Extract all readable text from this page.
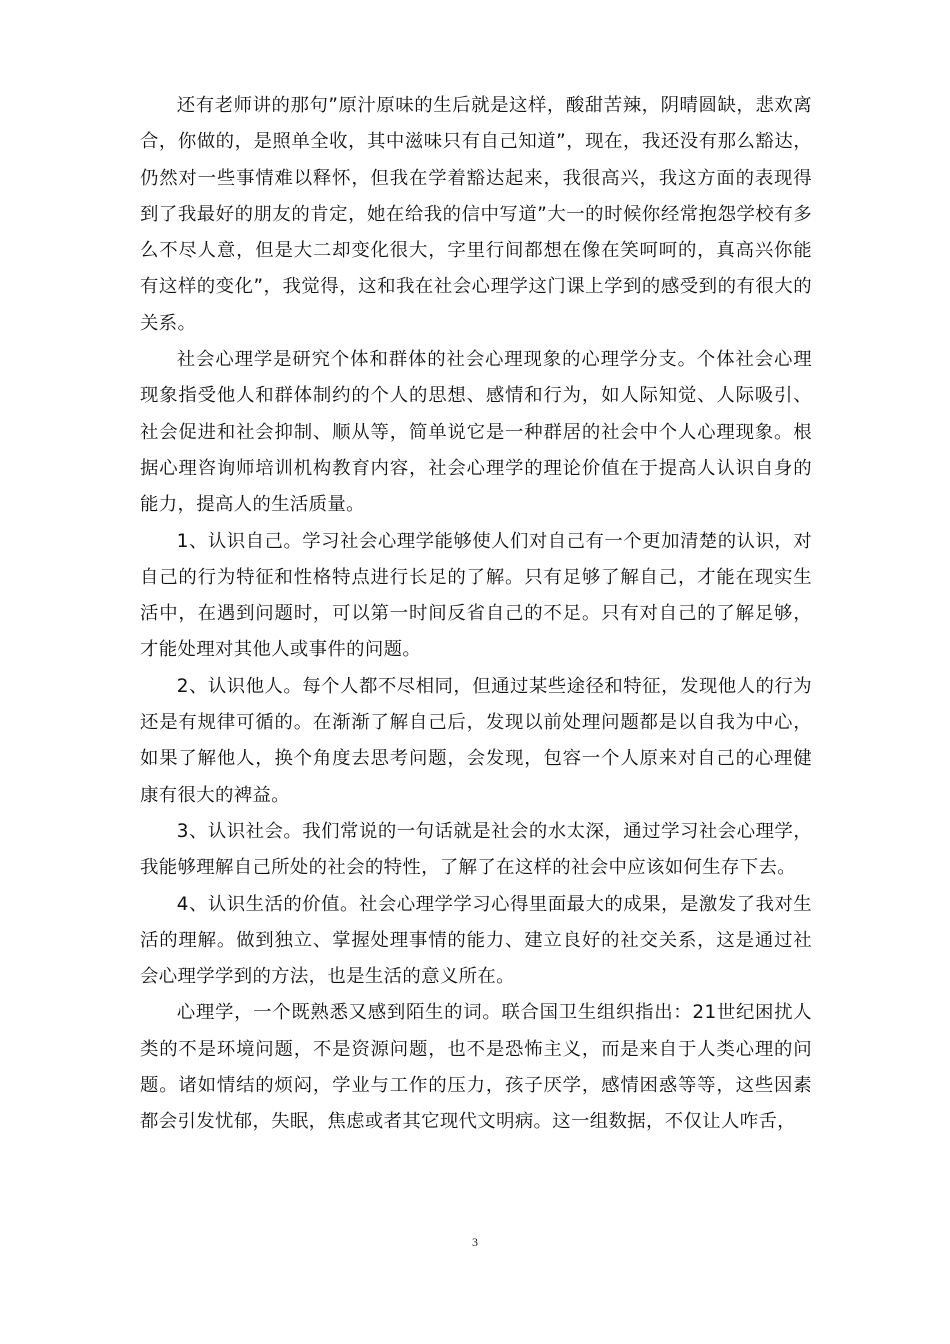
还有老师讲的那句”原汁原味的生后就是这样，酸甜苦辣，阴晴圆缺，悲欢离合，你做的，是照单全收，其中滋味只有自己知道”，现在，我还没有那么豁达，仍然对一些事情难以释怀，但我在学着豁达起来，我很高兴，我这方面的表现得到了我最好的朋友的肯定，她在给我的信中写道”大一的时候你经常抱怨学校有多么不尽人意，但是大二却变化很大，字里行间都想在像在笑呵呵的，真高兴你能有这样的变化”，我觉得，这和我在社会心理学这门课上学到的感受到的有很大的关系。

社会心理学是研究个体和群体的社会心理现象的心理学分支。个体社会心理现象指受他人和群体制约的个人的思想、感情和行为，如人际知觉、人际吸引、社会促进和社会抑制、顺从等，简单说它是一种群居的社会中个人心理现象。根据心理咨询师培训机构教育内容，社会心理学的理论价值在于提高人认识自身的能力，提高人的生活质量。

1、认识自己。学习社会心理学能够使人们对自己有一个更加清楚的认识，对自己的行为特征和性格特点进行长足的了解。只有足够了解自己，才能在现实生活中，在遇到问题时，可以第一时间反省自己的不足。只有对自己的了解足够，才能处理对其他人或事件的问题。

2、认识他人。每个人都不尽相同，但通过某些途径和特征，发现他人的行为还是有规律可循的。在渐渐了解自己后，发现以前处理问题都是以自我为中心，如果了解他人，换个角度去思考问题，会发现，包容一个人原来对自己的心理健康有很大的裨益。

3、认识社会。我们常说的一句话就是社会的水太深，通过学习社会心理学，我能够理解自己所处的社会的特性，了解了在这样的社会中应该如何生存下去。

4、认识生活的价值。社会心理学学习心得里面最大的成果，是激发了我对生活的理解。做到独立、掌握处理事情的能力、建立良好的社交关系，这是通过社会心理学学到的方法，也是生活的意义所在。

心理学，一个既熟悉又感到陌生的词。联合国卫生组织指出：21世纪困扰人类的不是环境问题，不是资源问题，也不是恐怖主义，而是来自于人类心理的问题。诸如情结的烦闷，学业与工作的压力，孩子厌学，感情困惑等等，这些因素都会引发忧郁，失眠，焦虑或者其它现代文明病。这一组数据，不仅让人咋舌，

3
